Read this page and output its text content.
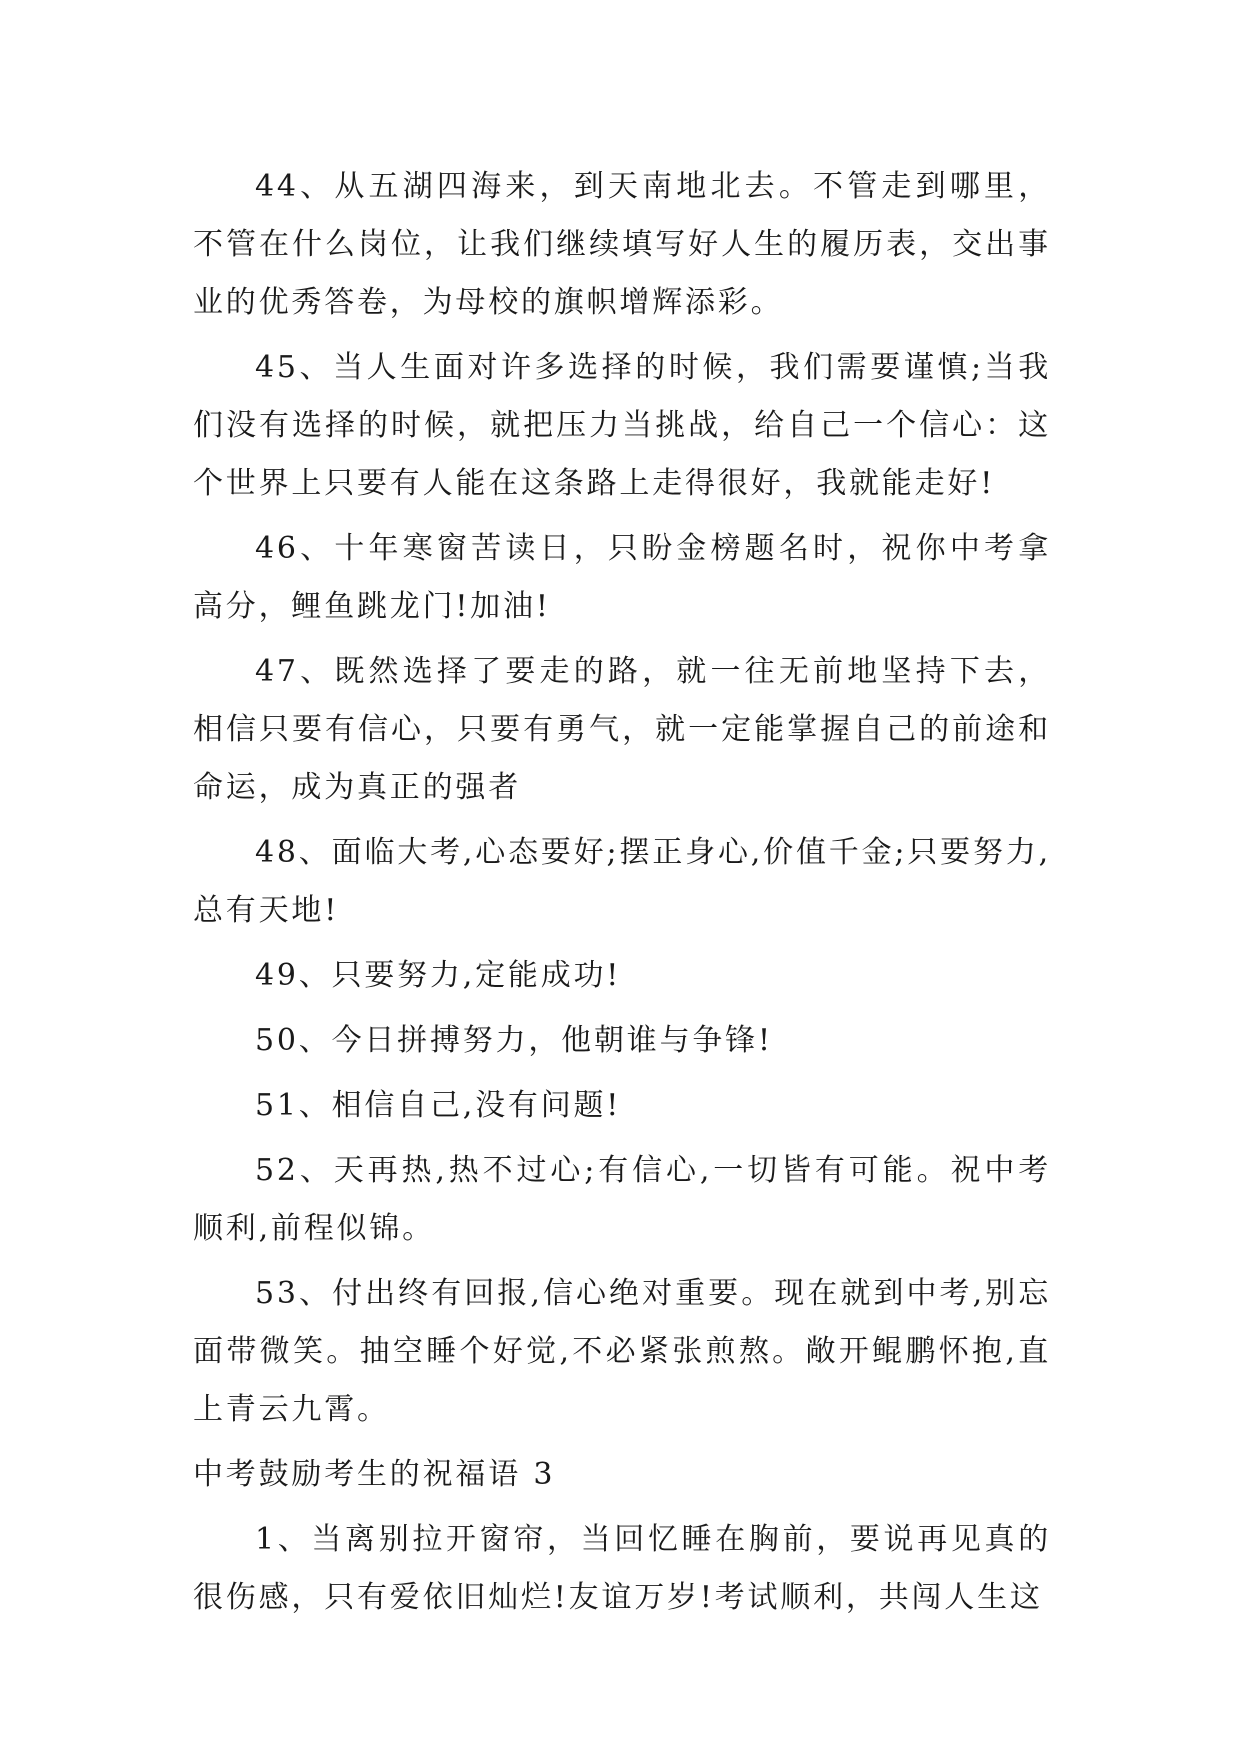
44、从五湖四海来，到天南地北去。不管走到哪里，不管在什么岗位，让我们继续填写好人生的履历表，交出事业的优秀答卷，为母校的旗帜增辉添彩。

45、当人生面对许多选择的时候，我们需要谨慎;当我们没有选择的时候，就把压力当挑战，给自己一个信心：这个世界上只要有人能在这条路上走得很好，我就能走好!

46、十年寒窗苦读日，只盼金榜题名时，祝你中考拿高分，鲤鱼跳龙门!加油!

47、既然选择了要走的路，就一往无前地坚持下去，相信只要有信心，只要有勇气，就一定能掌握自己的前途和命运，成为真正的强者

48、面临大考,心态要好;摆正身心,价值千金;只要努力,总有天地!

49、只要努力,定能成功!

50、今日拼搏努力，他朝谁与争锋!

51、相信自己,没有问题!

52、天再热,热不过心;有信心,一切皆有可能。祝中考顺利,前程似锦。

53、付出终有回报,信心绝对重要。现在就到中考,别忘面带微笑。抽空睡个好觉,不必紧张煎熬。敞开鲲鹏怀抱,直上青云九霄。

中考鼓励考生的祝福语 3

1、当离别拉开窗帘，当回忆睡在胸前，要说再见真的很伤感，只有爱依旧灿烂!友谊万岁!考试顺利，共闯人生这
